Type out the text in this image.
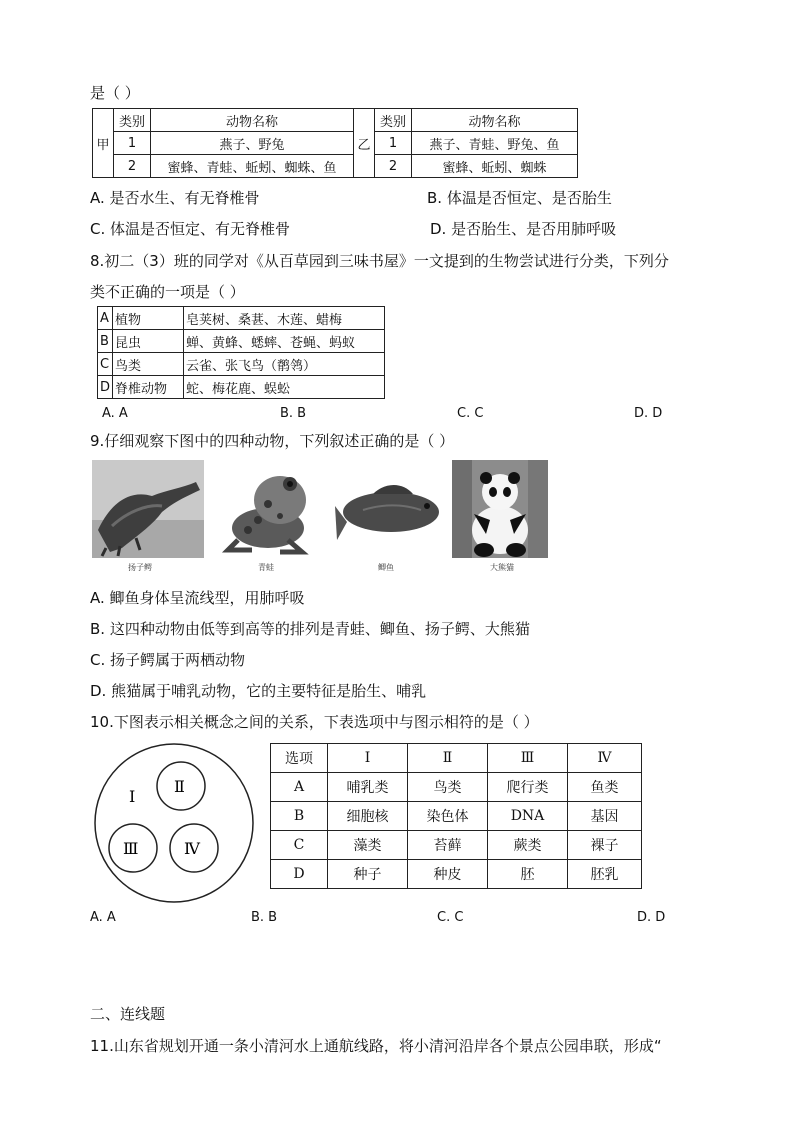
是（ ）
甲	类别	动物名称	乙	类别	动物名称
	1	燕子、野兔		1	燕子、青蛙、野兔、鱼
	2	蜜蜂、青蛙、蚯蚓、蜘蛛、鱼		2	蜜蜂、蚯蚓、蜘蛛
A. 是否水生、有无脊椎骨	B. 体温是否恒定、是否胎生
C. 体温是否恒定、有无脊椎骨	D. 是否胎生、是否用肺呼吸
8.初二（3）班的同学对《从百草园到三味书屋》一文提到的生物尝试进行分类，下列分
类不正确的一项是（ ）
A	植物	皂荚树、桑葚、木莲、蜡梅
B	昆虫	蝉、黄蜂、蟋蟀、苍蝇、蚂蚁
C	鸟类	云雀、张飞鸟（鹡鸰）
D	脊椎动物	蛇、梅花鹿、蜈蚣
A. A	B. B	C. C	D. D
9.仔细观察下图中的四种动物，下列叙述正确的是（ ）
扬子鳄	青蛙	鲫鱼	大熊猫
A. 鲫鱼身体呈流线型，用肺呼吸
B. 这四种动物由低等到高等的排列是青蛙、鲫鱼、扬子鳄、大熊猫
C. 扬子鳄属于两栖动物
D. 熊猫属于哺乳动物，它的主要特征是胎生、哺乳
10.下图表示相关概念之间的关系，下表选项中与图示相符的是（ ）
Ⅰ
Ⅱ
Ⅲ	Ⅳ
选项	Ⅰ	Ⅱ	Ⅲ	Ⅳ
A	哺乳类	鸟类	爬行类	鱼类
B	细胞核	染色体	DNA	基因
C	藻类	苔藓	蕨类	裸子
D	种子	种皮	胚	胚乳
A. A	B. B	C. C	D. D
二、连线题
11.山东省规划开通一条小清河水上通航线路，将小清河沿岸各个景点公园串联，形成“
